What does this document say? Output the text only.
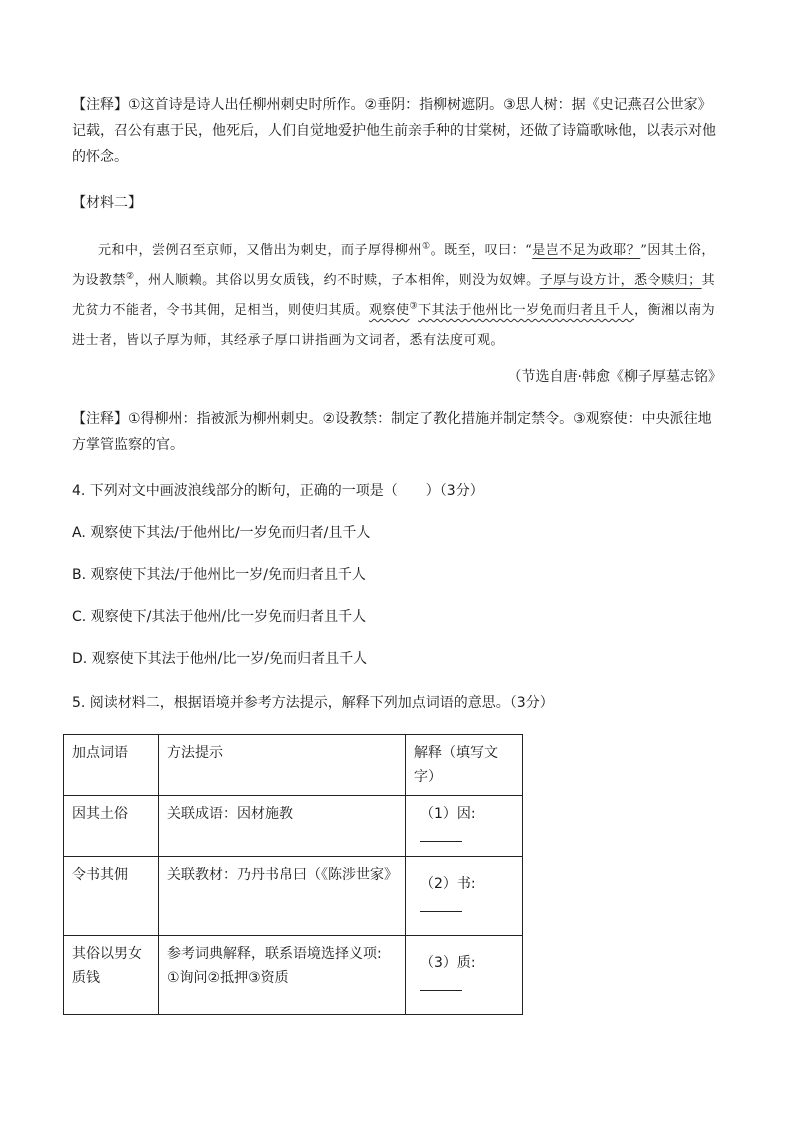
【注释】①这首诗是诗人出任柳州刺史时所作。②垂阴：指柳树遮阴。③思人树：据《史记燕召公世家》记载，召公有惠于民，他死后，人们自觉地爱护他生前亲手种的甘棠树，还做了诗篇歌咏他，以表示对他的怀念。

【材料二】

元和中，尝例召至京师，又偕出为刺史，而子厚得柳州①。既至，叹曰：“是岂不足为政耶？”因其土俗，为设教禁②，州人顺赖。其俗以男女质钱，约不时赎，子本相侔，则没为奴婢。子厚与设方计，悉令赎归；其尤贫力不能者，令书其佣，足相当，则使归其质。观察使③下其法于他州比一岁免而归者且千人，衡湘以南为进士者，皆以子厚为师，其经承子厚口讲指画为文词者，悉有法度可观。

（节选自唐·韩愈《柳子厚墓志铭》

【注释】①得柳州：指被派为柳州刺史。②设教禁：制定了教化措施并制定禁令。③观察使：中央派往地方掌管监察的官。

4. 下列对文中画波浪线部分的断句，正确的一项是（　　）（3分）

A. 观察使下其法/于他州比/一岁免而归者/且千人

B. 观察使下其法/于他州比一岁/免而归者且千人

C. 观察使下/其法于他州/比一岁免而归者且千人

D. 观察使下其法于他州/比一岁/免而归者且千人

5. 阅读材料二，根据语境并参考方法提示，解释下列加点词语的意思。（3分）

加点词语	方法提示	解释（填写文字）
因其土俗	关联成语：因材施教	（1）因:
令书其佣	关联教材：乃丹书帛曰（《陈涉世家》	（2）书:
其俗以男女质钱	参考词典解释，联系语境选择义项: ①询问②抵押③资质	（3）质:
